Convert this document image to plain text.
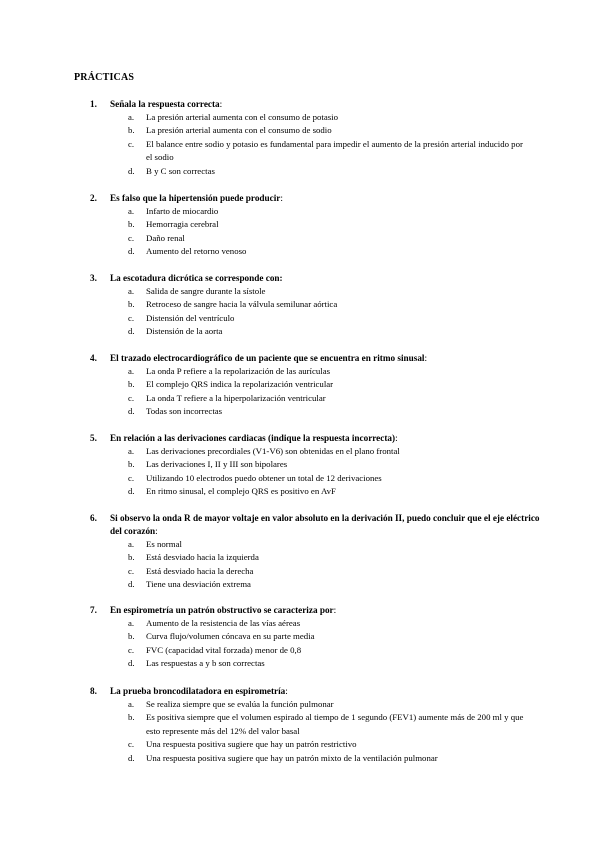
PRÁCTICAS
1.	Señala la respuesta correcta:
a.	La presión arterial aumenta con el consumo de potasio
b.	La presión arterial aumenta con el consumo de sodio
c.	El balance entre sodio y potasio es fundamental para impedir el aumento de la presión arterial inducido por el sodio
d.	B y C son correctas
2.	Es falso que la hipertensión puede producir:
a.	Infarto de miocardio
b.	Hemorragia cerebral
c.	Daño renal
d.	Aumento del retorno venoso
3.	La escotadura dicrótica se corresponde con:
a.	Salida de sangre durante la sístole
b.	Retroceso de sangre hacia la válvula semilunar aórtica
c.	Distensión del ventrículo
d.	Distensión de la aorta
4.	El trazado electrocardiográfico de un paciente que se encuentra en ritmo sinusal:
a.	La onda P refiere a la repolarización de las aurículas
b.	El complejo QRS indica la repolarización ventricular
c.	La onda T refiere a la hiperpolarización ventricular
d.	Todas son incorrectas
5.	En relación a las derivaciones cardiacas (indique la respuesta incorrecta):
a.	Las derivaciones precordiales (V1-V6) son obtenidas en el plano frontal
b.	Las derivaciones I, II y III son bipolares
c.	Utilizando 10 electrodos puedo obtener un total de 12 derivaciones
d.	En ritmo sinusal, el complejo QRS es positivo en AvF
6.	Si observo la onda R de mayor voltaje en valor absoluto en la derivación II, puedo concluir que el eje eléctrico del corazón:
a.	Es normal
b.	Está desviado hacia la izquierda
c.	Está desviado hacia la derecha
d.	Tiene una desviación extrema
7.	En espirometría un patrón obstructivo se caracteriza por:
a.	Aumento de la resistencia de las vías aéreas
b.	Curva flujo/volumen cóncava en su parte media
c.	FVC (capacidad vital forzada) menor de 0,8
d.	Las respuestas a y b son correctas
8.	La prueba broncodilatadora en espirometría:
a.	Se realiza siempre que se evalúa la función pulmonar
b.	Es positiva siempre que el volumen espirado al tiempo de 1 segundo (FEV1) aumente más de 200 ml y que esto represente más del 12% del valor basal
c.	Una respuesta positiva sugiere que hay un patrón restrictivo
d.	Una respuesta positiva sugiere que hay un patrón mixto de la ventilación pulmonar
